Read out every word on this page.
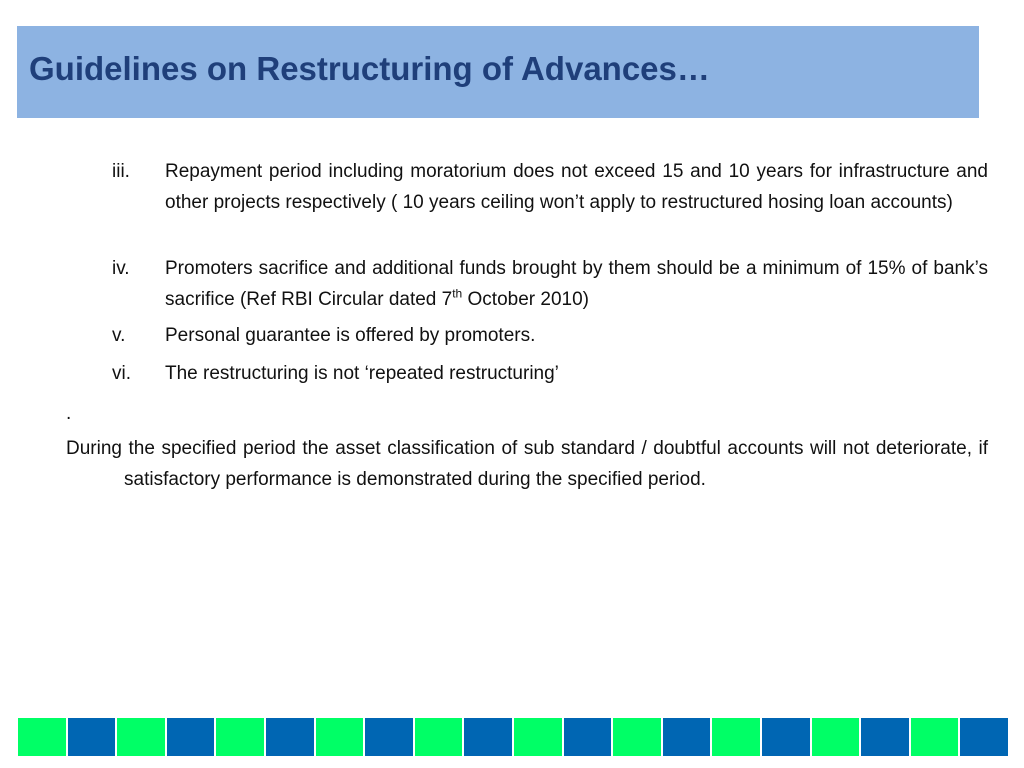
Guidelines on Restructuring of Advances…
iii.	Repayment period including moratorium does not exceed 15 and 10 years for infrastructure and other projects respectively ( 10 years ceiling won’t apply to restructured hosing loan accounts)
iv.	Promoters sacrifice and additional funds brought by them should be a minimum of 15% of bank’s sacrifice (Ref RBI Circular dated 7th October 2010)
v.	Personal guarantee is offered by promoters.
vi.	The restructuring is not ‘repeated restructuring’
.
During the specified period the asset classification of sub standard / doubtful accounts will not deteriorate, if satisfactory performance is demonstrated during the specified period.
